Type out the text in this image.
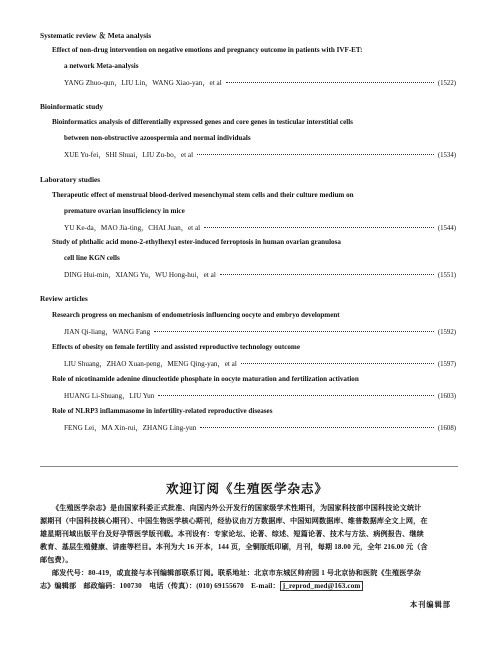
Systematic review ＆ Meta analysis
Effect of non-drug intervention on negative emotions and pregnancy outcome in patients with IVF-ET:
a network Meta-analysis
YANG Zhuo-qun，LIU Lin，WANG Xiao-yan，et al	(1522)
Bioinformatic study
Bioinformatics analysis of differentially expressed genes and core genes in testicular interstitial cells
between non-obstructive azoospermia and normal individuals
XUE Yu-fei，SHI Shuai，LIU Zu-bo，et al	(1534)
Laboratory studies
Therapeutic effect of menstrual blood-derived mesenchymal stem cells and their culture medium on
premature ovarian insufficiency in mice
YU Ke-da，MAO Jia-ting，CHAI Juan，et al	(1544)
Study of phthalic acid mono-2-ethylhexyl ester-induced ferroptosis in human ovarian granulosa
cell line KGN cells
DING Hui-min，XIANG Yu，WU Hong-hui，et al	(1551)
Review articles
Research progress on mechanism of endometriosis influencing oocyte and embryo development
JIAN Qi-liang，WANG Fang	(1592)
Effects of obesity on female fertility and assisted reproductive technology outcome
LIU Shuang，ZHAO Xuan-peng，MENG Qing-yan，et al	(1597)
Role of nicotinamide adenine dinucleotide phosphate in oocyte maturation and fertilization activation
HUANG Li-Shuang，LIU Yun	(1603)
Role of NLRP3 inflammasome in infertility-related reproductive diseases
FENG Lei，MA Xin-rui，ZHANG Ling-yun	(1608)
欢迎订阅《生殖医学杂志》
《生殖医学杂志》是由国家科委正式批准、向国内外公开发行的国家级学术性期刊，为国家科技部中国科技论文统计
源期刊（中国科技核心期刊）、中国生物医学核心期刊，经协议由万方数据库、中国知网数据库、维普数据库全文上网，在
雄星期刊域出版平台及好孕帮医学版刊载。本刊设有：专家论坛、论著、综述、短篇论著、技术与方法、病例报告、继续
教育、基层生殖健康、讲座等栏目。本刊为大 16 开本，144 页，全铜版纸印刷，月刊，每期 18.00 元，全年 216.00 元（含
邮包费）。
邮发代号：80-419，或直接与本刊编辑部联系订阅。联系地址：北京市东城区帅府园 1 号北京协和医院《生殖医学杂
志》编辑部　邮政编码：100730　电话（传真）：(010) 69155670　E-mail： j_reprod_med@163.com
本刊编辑部
